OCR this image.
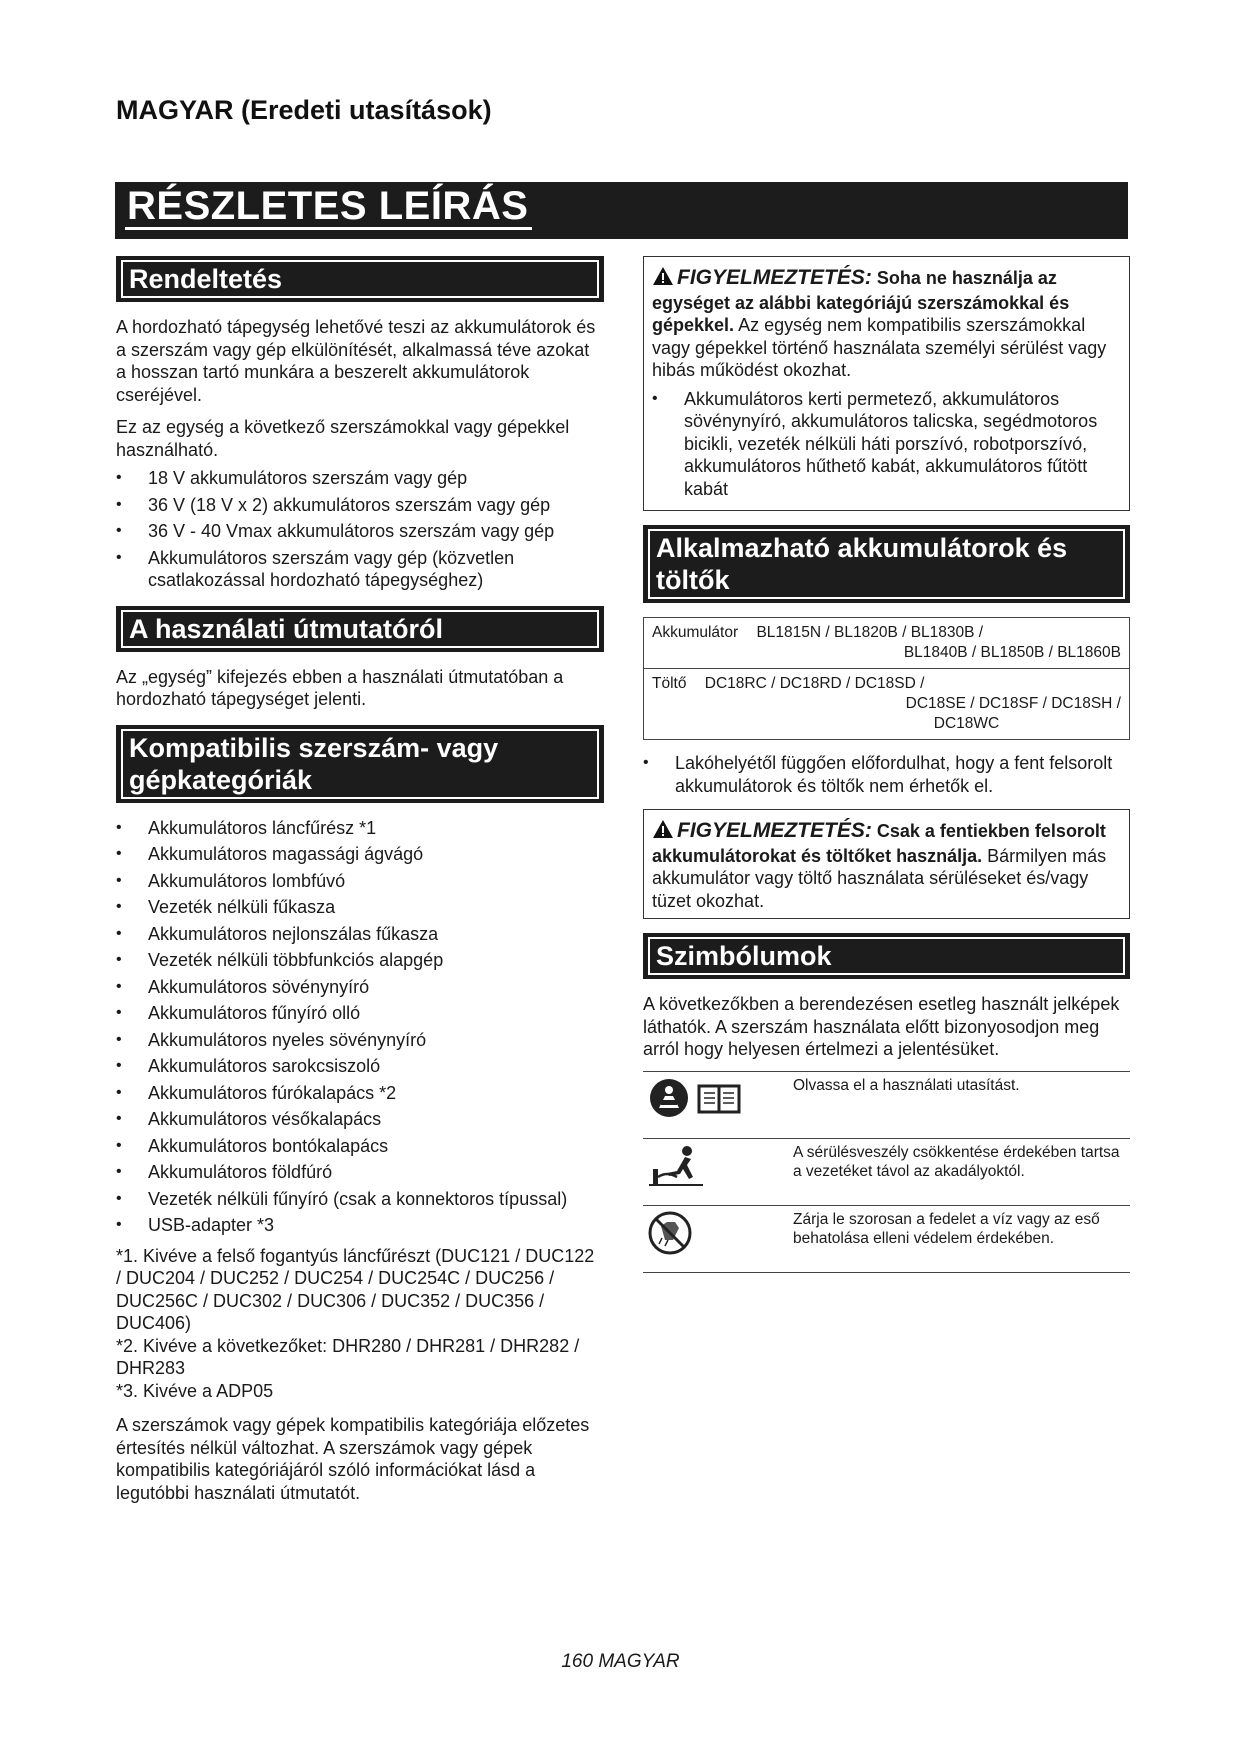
MAGYAR (Eredeti utasítások)
RÉSZLETES LEÍRÁS
Rendeltetés

A hordozható tápegység lehetővé teszi az akkumulátorok és a szerszám vagy gép elkülönítését, alkalmassá téve azokat a hosszan tartó munkára a beszerelt akkumulátorok cseréjével.

Ez az egység a következő szerszámokkal vagy gépekkel használható.

• 18 V akkumulátoros szerszám vagy gép
• 36 V (18 V x 2) akkumulátoros szerszám vagy gép
• 36 V - 40 Vmax akkumulátoros szerszám vagy gép
• Akkumulátoros szerszám vagy gép (közvetlen csatlakozással hordozható tápegységhez)
A használati útmutatóról

Az „egység” kifejezés ebben a használati útmutatóban a hordozható tápegységet jelenti.

Kompatibilis szerszám- vagy gépkategóriák
• Akkumulátoros láncfűrész *1
• Akkumulátoros magassági ágvágó
• Akkumulátoros lombfúvó
• Vezeték nélküli fűkasza
• Akkumulátoros nejlonszálas fűkasza
• Vezeték nélküli többfunkciós alapgép
• Akkumulátoros sövénynyíró
• Akkumulátoros fűnyíró olló
• Akkumulátoros nyeles sövénynyíró
• Akkumulátoros sarokcsiszoló
• Akkumulátoros fúrókalapács *2
• Akkumulátoros vésőkalapács
• Akkumulátoros bontókalapács
• Akkumulátoros földfúró
• Vezeték nélküli fűnyíró (csak a konnektoros típussal)
• USB-adapter *3

*1. Kivéve a felső fogantyús láncfűrészt (DUC121 / DUC122 / DUC204 / DUC252 / DUC254 / DUC254C / DUC256 / DUC256C / DUC302 / DUC306 / DUC352 / DUC356 / DUC406)

*2. Kivéve a következőket: DHR280 / DHR281 / DHR282 / DHR283

*3. Kivéve a ADP05

A szerszámok vagy gépek kompatibilis kategóriája előzetes értesítés nélkül változhat. A szerszámok vagy gépek kompatibilis kategóriájáról szóló információkat lásd a legutóbbi használati útmutatót.

FIGYELMEZTETÉS: Soha ne használja az egységet az alábbi kategóriájú szerszámokkal és gépekkel. Az egység nem kompatibilis szerszámokkal vagy gépekkel történő használata személyi sérülést vagy hibás működést okozhat.
• Akkumulátoros kerti permetező, akkumulátoros sövénynyíró, akkumulátoros talicska, segédmotoros bicikli, vezeték nélküli háti porszívó, robotporszívó, akkumulátoros hűthető kabát, akkumulátoros fűtött kabát
Alkalmazható akkumulátorok és töltők
Akkumulátor BL1815N / BL1820B / BL1830B /
BL1840B / BL1850B / BL1860B

Töltő DC18RC / DC18RD / DC18SD /
DC18SE / DC18SF / DC18SH /
DC18WC
• Lakóhelyétől függően előfordulhat, hogy a fent felsorolt akkumulátorok és töltők nem érhetők el.
FIGYELMEZTETÉS: Csak a fentiekben felsorolt akkumulátorokat és töltőket használja. Bármilyen más akkumulátor vagy töltő használata sérüléseket és/vagy tüzet okozhat.
Szimbólumok

A következőkben a berendezésen esetleg használt jelképek láthatók. A szerszám használata előtt bizonyosodjon meg arról hogy helyesen értelmezi a jelentésüket.

	Olvassa el a használati utasítást.
	A sérülésveszély csökkentése érdekében tartsa a vezetéket távol az akadályoktól.
	Zárja le szorosan a fedelet a víz vagy az eső behatolása elleni védelem érdekében.
160 MAGYAR
